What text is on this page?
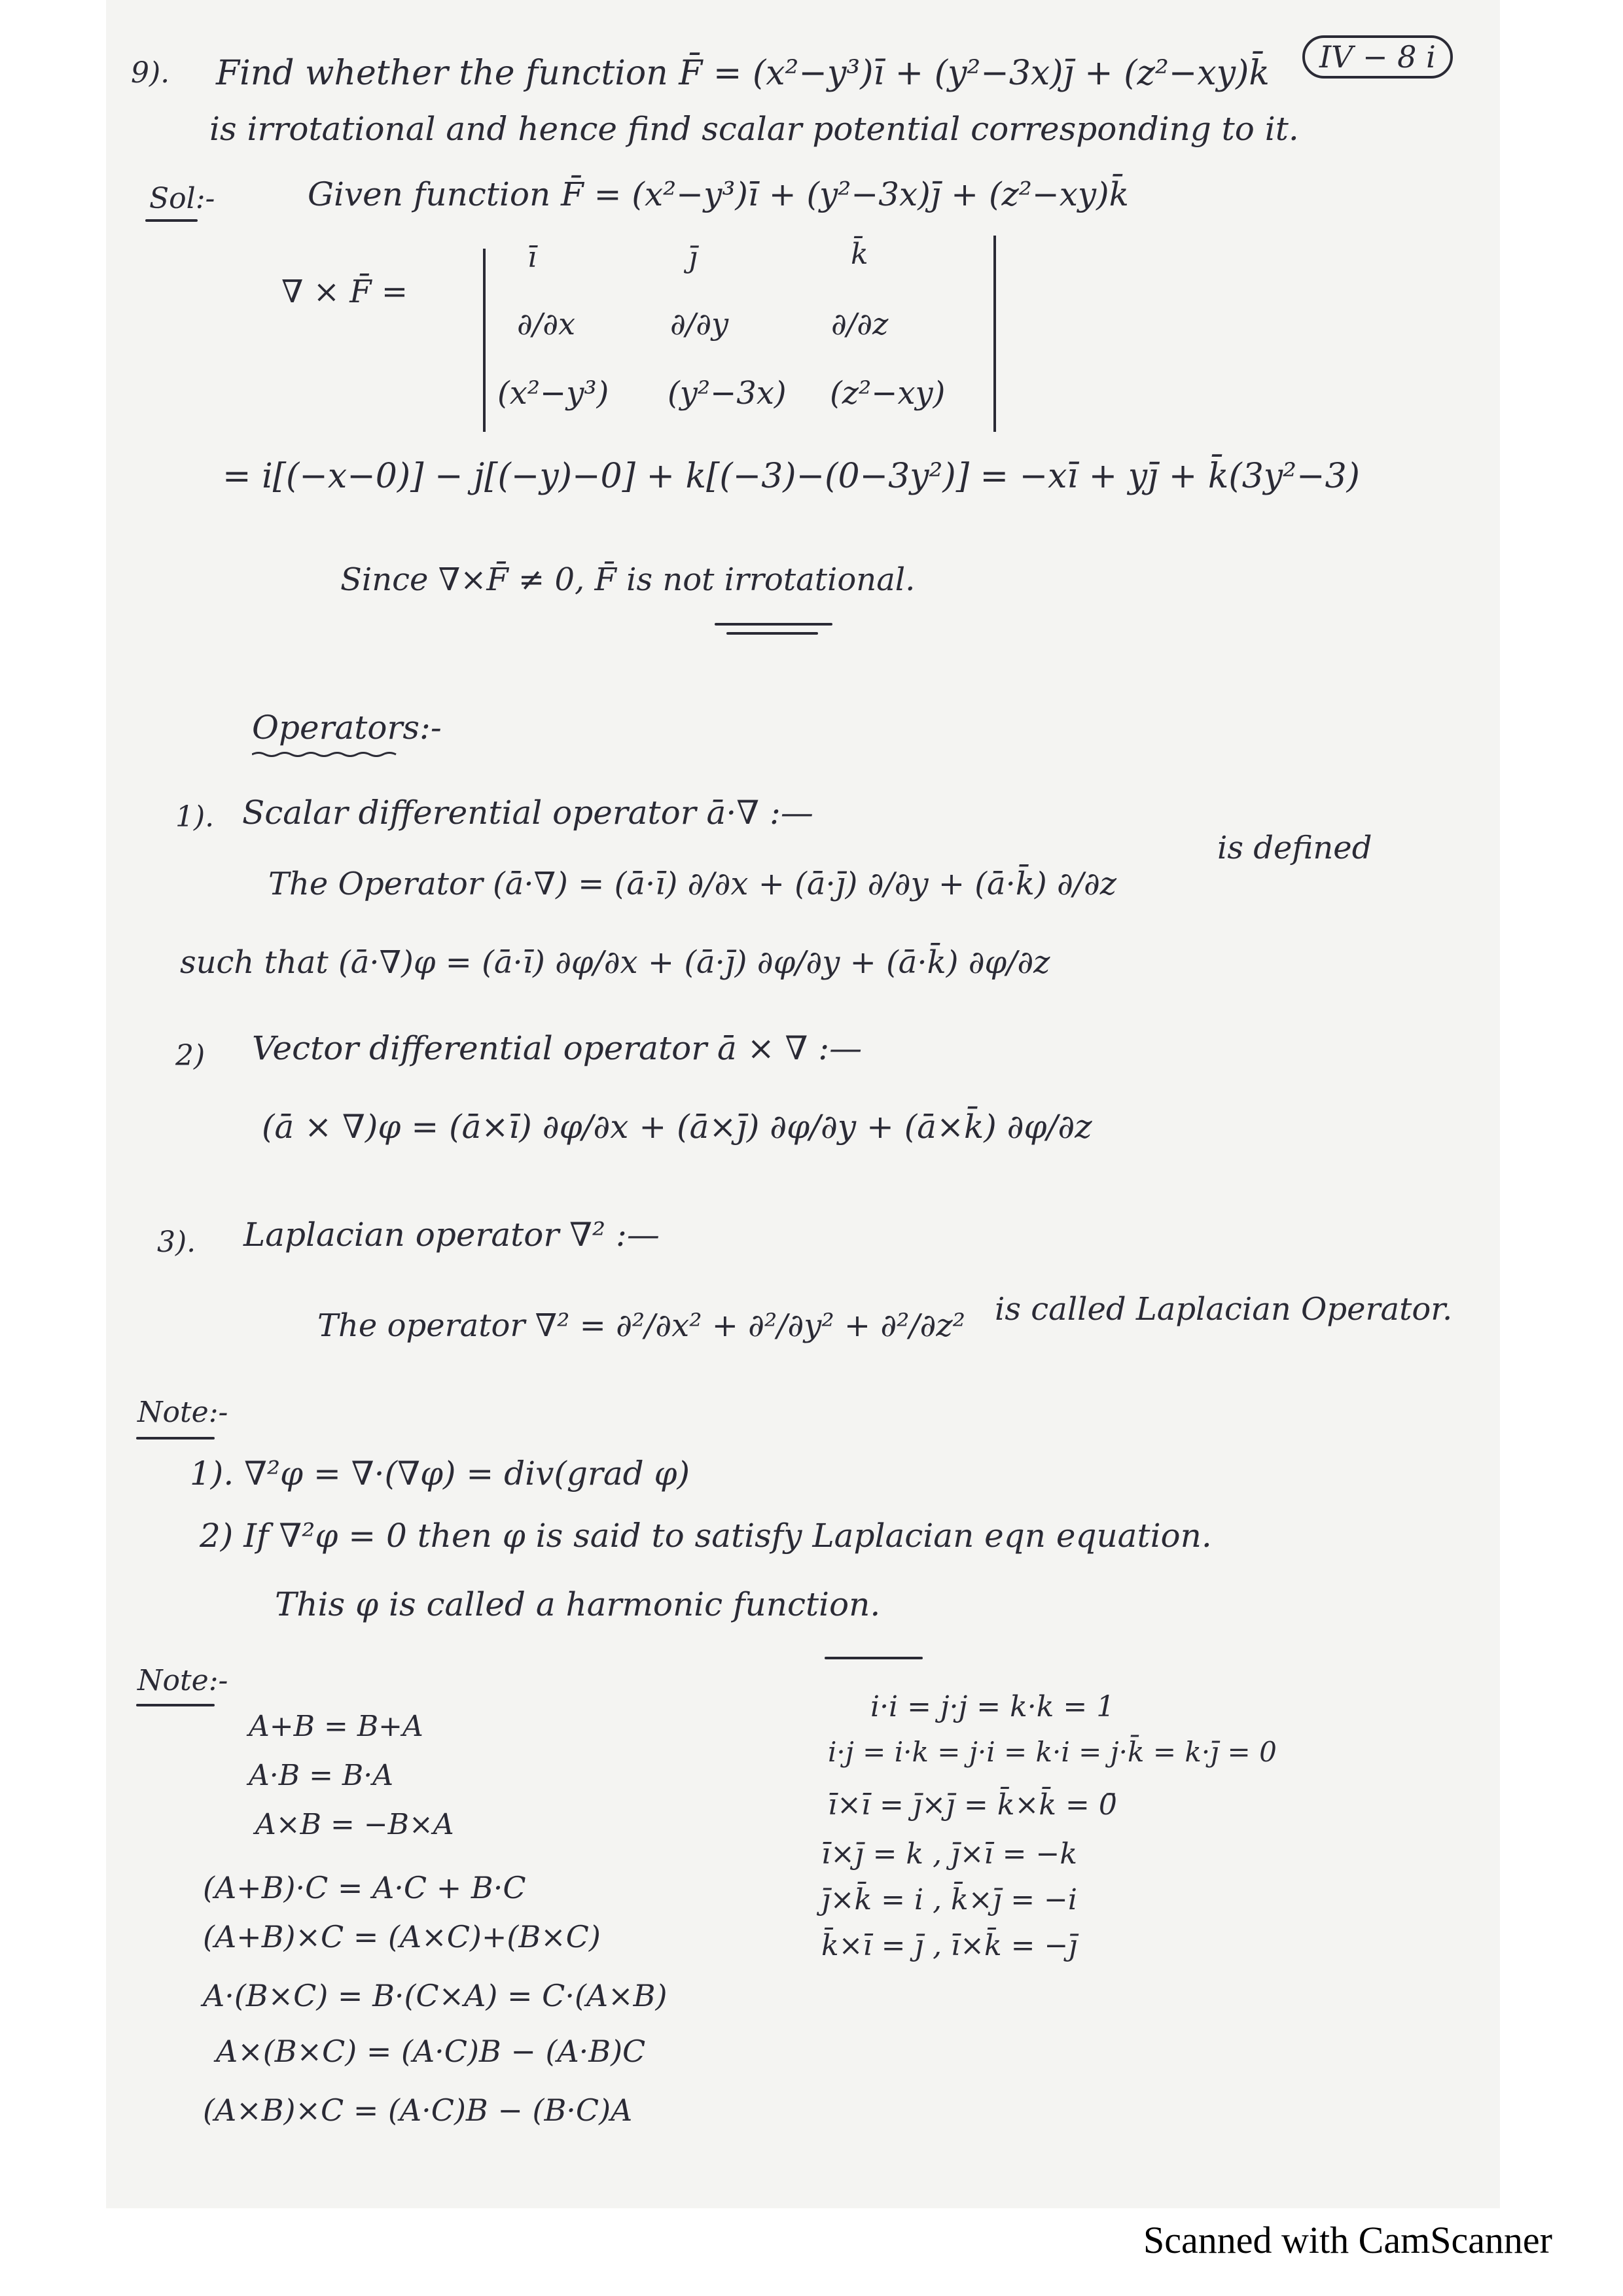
9). Find whether the function F̄ = (x²−y³)ī + (y²−3x)j̄ + (z²−xy)k̄	IV − 8 i
is irrotational and hence find scalar potential corresponding to it.
Sol:-	Given function F̄ = (x²−y³)ī + (y²−3x)j̄ + (z²−xy)k̄
∇ × F̄ =
ī	j̄	k̄
∂/∂x	∂/∂y	∂/∂z
(x²−y³) (y²−3x) (z²−xy)
= i[(−x−0)] − j[(−y)−0] + k[(−3)−(0−3y²)] = −xī + yj̄ + k̄(3y²−3)
Since ∇×F̄ ≠ 0, F̄ is not irrotational.
Operators:-
1). Scalar differential operator ā·∇ :—
The Operator (ā·∇) = (ā·ī) ∂/∂x + (ā·j̄) ∂/∂y + (ā·k̄) ∂/∂z
is defined
such that (ā·∇)φ = (ā·ī) ∂φ/∂x + (ā·j̄) ∂φ/∂y + (ā·k̄) ∂φ/∂z
2) Vector differential operator ā × ∇ :—
(ā × ∇)φ = (ā×ī) ∂φ/∂x + (ā×j̄) ∂φ/∂y + (ā×k̄) ∂φ/∂z
3). Laplacian operator ∇² :—
The operator ∇² = ∂²/∂x² + ∂²/∂y² + ∂²/∂z² is called Laplacian Operator.
Note:-
1). ∇²φ = ∇·(∇φ) = div(grad φ)
2) If ∇²φ = 0 then φ is said to satisfy Laplacian eqn equation.
This φ is called a harmonic function.
Note:-
A+B = B+A
A·B = B·A
A×B = −B×A
(A+B)·C = A·C + B·C
(A+B)×C = (A×C)+(B×C)
A·(B×C) = B·(C×A) = C·(A×B)
A×(B×C) = (A·C)B − (A·B)C
(A×B)×C = (A·C)B − (B·C)A
i·i = j·j = k·k = 1
i·j = i·k = j·i = k·i = j·k̄ = k·j̄ = 0
ī×ī = j̄×j̄ = k̄×k̄ = 0̄
ī×j̄ = k , j̄×ī = −k
j̄×k̄ = i , k̄×j̄ = −i
k̄×ī = j̄ , ī×k̄ = −j̄
Scanned with CamScanner
